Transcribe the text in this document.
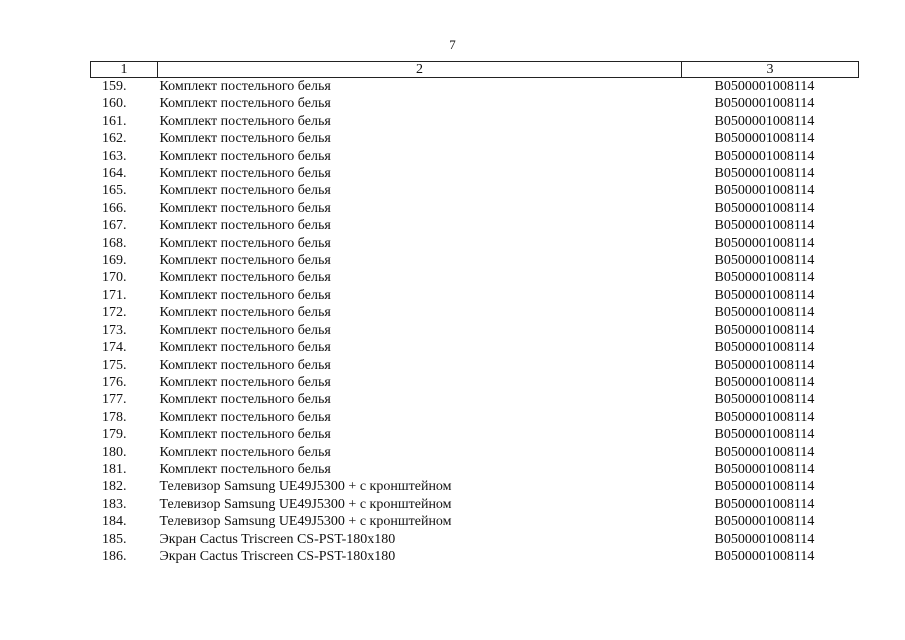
7
1	2	3
159.	Комплект постельного белья	B0500001008114
160.	Комплект постельного белья	B0500001008114
161.	Комплект постельного белья	B0500001008114
162.	Комплект постельного белья	B0500001008114
163.	Комплект постельного белья	B0500001008114
164.	Комплект постельного белья	B0500001008114
165.	Комплект постельного белья	B0500001008114
166.	Комплект постельного белья	B0500001008114
167.	Комплект постельного белья	B0500001008114
168.	Комплект постельного белья	B0500001008114
169.	Комплект постельного белья	B0500001008114
170.	Комплект постельного белья	B0500001008114
171.	Комплект постельного белья	B0500001008114
172.	Комплект постельного белья	B0500001008114
173.	Комплект постельного белья	B0500001008114
174.	Комплект постельного белья	B0500001008114
175.	Комплект постельного белья	B0500001008114
176.	Комплект постельного белья	B0500001008114
177.	Комплект постельного белья	B0500001008114
178.	Комплект постельного белья	B0500001008114
179.	Комплект постельного белья	B0500001008114
180.	Комплект постельного белья	B0500001008114
181.	Комплект постельного белья	B0500001008114
182.	Телевизор Samsung UE49J5300 + с кронштейном	B0500001008114
183.	Телевизор Samsung UE49J5300 + с кронштейном	B0500001008114
184.	Телевизор Samsung UE49J5300 + с кронштейном	B0500001008114
185.	Экран Cactus Triscreen CS-PST-180x180	B0500001008114
186.	Экран Cactus Triscreen CS-PST-180x180	B0500001008114
